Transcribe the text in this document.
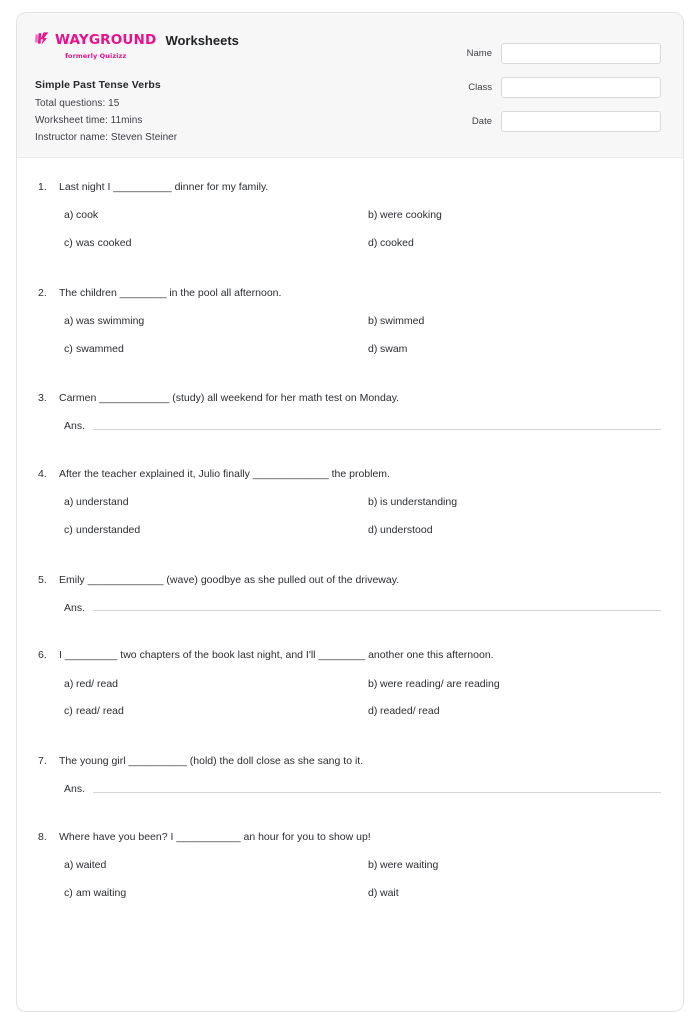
WAYGROUND
formerly Quizizz
Worksheets
Simple Past Tense Verbs
Total questions: 15
Worksheet time: 11mins
Instructor name: Steven Steiner
Name
Class
Date
1.	Last night I __________ dinner for my family.
a) cook	b) were cooking
c) was cooked	d) cooked
2.	The children ________ in the pool all afternoon.
a) was swimming	b) swimmed
c) swammed	d) swam
3.	Carmen ____________ (study) all weekend for her math test on Monday.
Ans.
4.	After the teacher explained it, Julio finally _____________ the problem.
a) understand	b) is understanding
c) understanded	d) understood
5.	Emily _____________ (wave) goodbye as she pulled out of the driveway.
Ans.
6.	I _________ two chapters of the book last night, and I'll ________ another one this afternoon.
a) red/ read	b) were reading/ are reading
c) read/ read	d) readed/ read
7.	The young girl __________ (hold) the doll close as she sang to it.
Ans.
8.	Where have you been? I ___________ an hour for you to show up!
a) waited	b) were waiting
c) am waiting	d) wait
